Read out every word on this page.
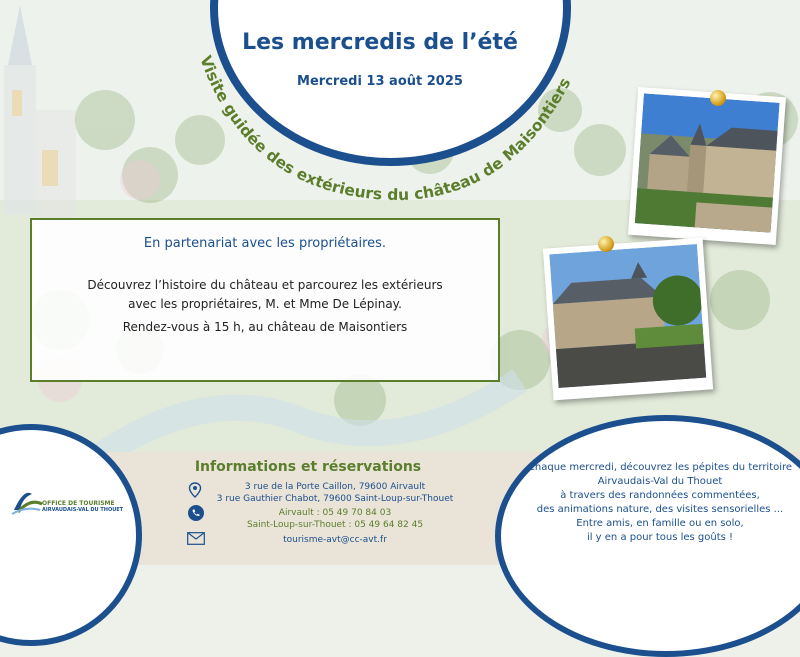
Les mercredis de l’été
Mercredi 13 août 2025
Visite guidée des extérieurs du château de Maisontiers
En partenariat avec les propriétaires.
Découvrez l’histoire du château et parcourez les extérieurs
avec les propriétaires, M. et Mme De Lépinay.
Rendez-vous à 15 h, au château de Maisontiers
OFFICE DE TOURISME
AIRVAUDAIS-VAL DU THOUET
Informations et réservations
3 rue de la Porte Caillon, 79600 Airvault
3 rue Gauthier Chabot, 79600 Saint-Loup-sur-Thouet
Airvault : 05 49 70 84 03
Saint-Loup-sur-Thouet : 05 49 64 82 45
tourisme-avt@cc-avt.fr
Chaque mercredi, découvrez les pépites du territoire
Airvaudais-Val du Thouet
à travers des randonnées commentées,
des animations nature, des visites sensorielles ...
Entre amis, en famille ou en solo,
il y en a pour tous les goûts !
